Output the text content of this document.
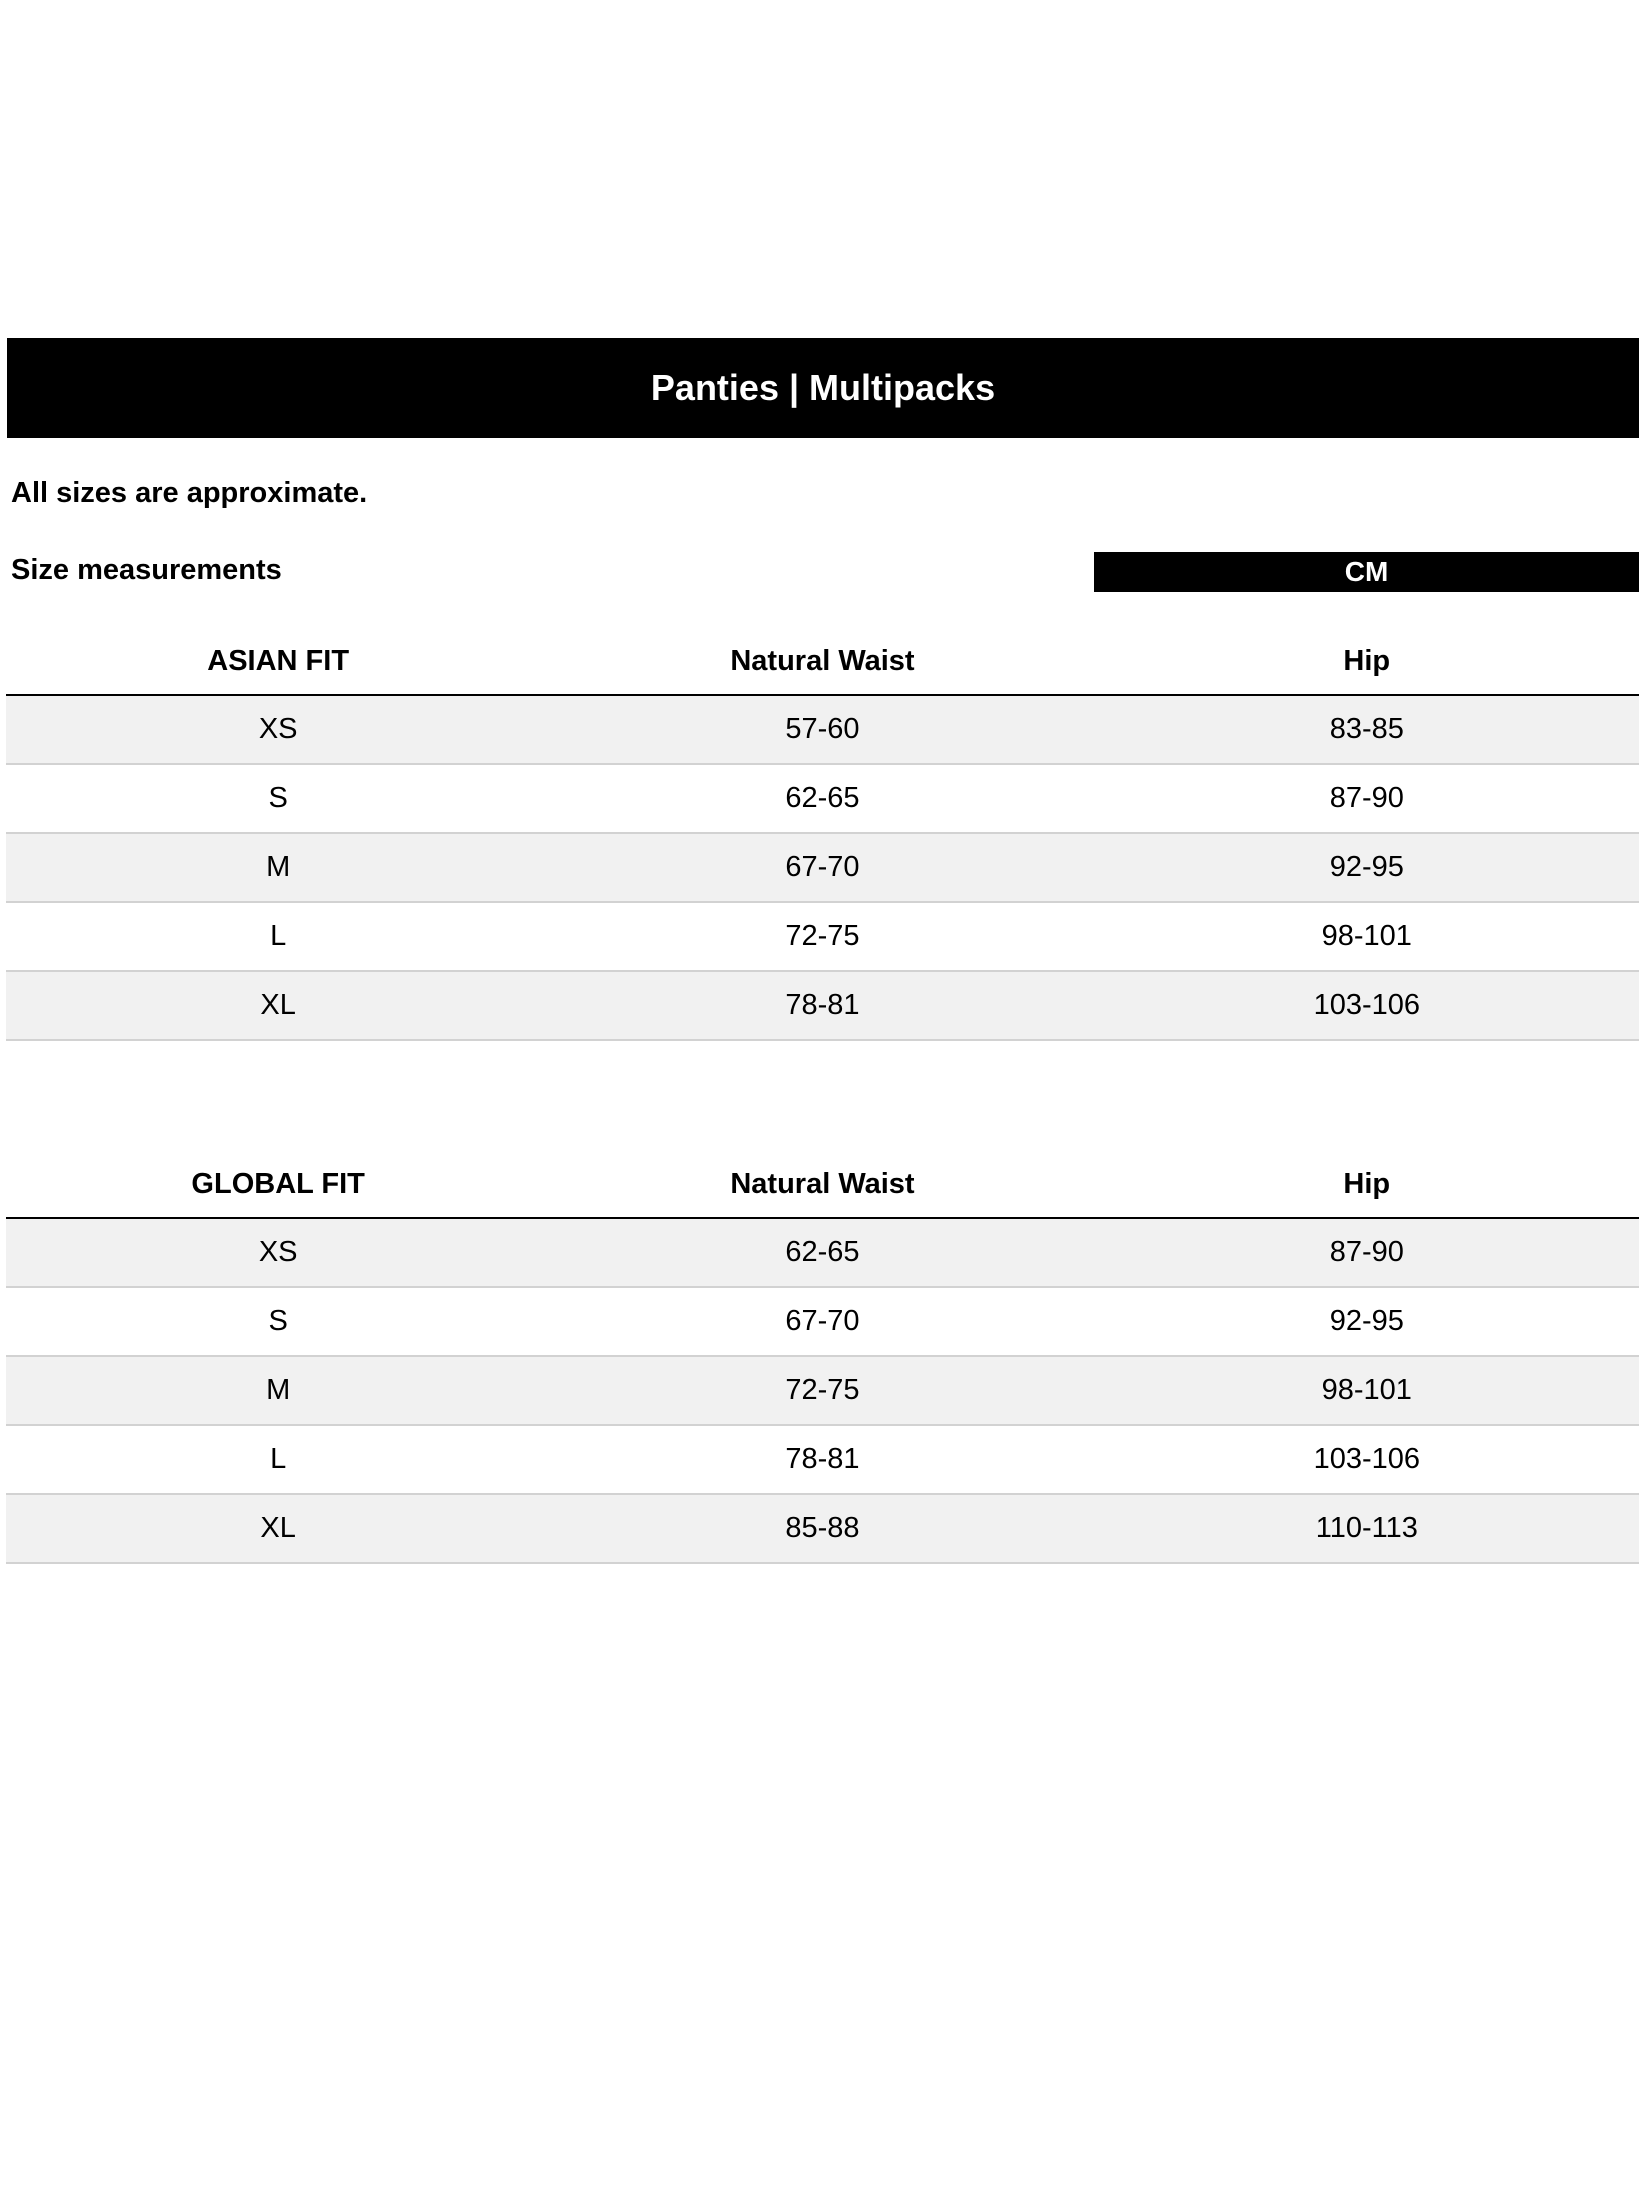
Panties | Multipacks
All sizes are approximate.
Size measurements	CM
ASIAN FIT	Natural Waist	Hip
XS	57-60	83-85
S	62-65	87-90
M	67-70	92-95
L	72-75	98-101
XL	78-81	103-106
GLOBAL FIT	Natural Waist	Hip
XS	62-65	87-90
S	67-70	92-95
M	72-75	98-101
L	78-81	103-106
XL	85-88	110-113
